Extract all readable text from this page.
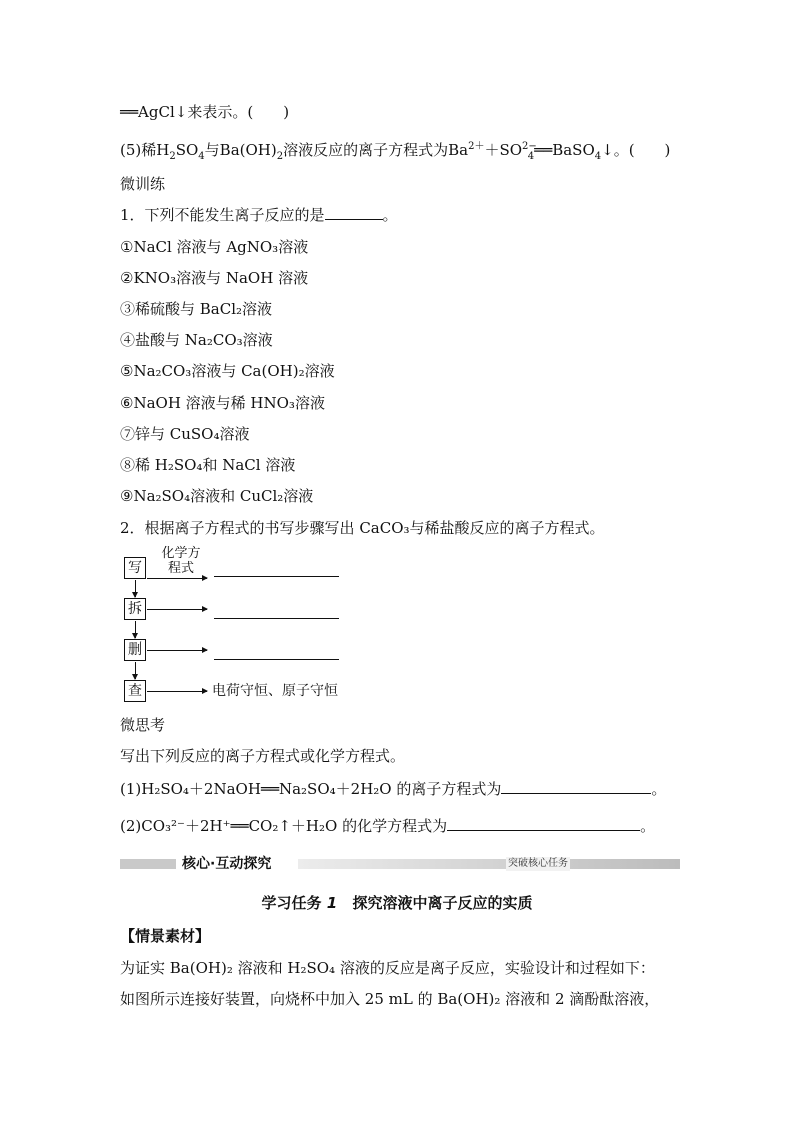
══AgCl↓来表示。(　　)
(5)稀$H_2SO_4$与$Ba(OH)_2$溶液反应的离子方程式为$Ba^{2+}+SO^{2-}_4══BaSO_4↓$。(　　)
微训练
1．下列不能发生离子反应的是	。
①NaCl 溶液与 AgNO₃溶液
②KNO₃溶液与 NaOH 溶液
③稀硫酸与 BaCl₂溶液
④盐酸与 Na₂CO₃溶液
⑤Na₂CO₃溶液与 Ca(OH)₂溶液
⑥NaOH 溶液与稀 HNO₃溶液
⑦锌与 CuSO₄溶液
⑧稀 H₂SO₄和 NaCl 溶液
⑨Na₂SO₄溶液和 CuCl₂溶液
2．根据离子方程式的书写步骤写出 CaCO₃与稀盐酸反应的离子方程式。
写
化学方
程式
拆
删
查	电荷守恒、原子守恒
微思考
写出下列反应的离子方程式或化学方程式。
(1)H₂SO₄＋2NaOH══Na₂SO₄＋2H₂O 的离子方程式为	。
(2)CO₃²⁻＋2H⁺══CO₂↑＋H₂O 的化学方程式为	。
核心·互动探究	突破核心任务
学习任务 1 探究溶液中离子反应的实质
【情景素材】
为证实 Ba(OH)₂ 溶液和 H₂SO₄ 溶液的反应是离子反应，实验设计和过程如下：
如图所示连接好装置，向烧杯中加入 25 mL 的 Ba(OH)₂ 溶液和 2 滴酚酞溶液，
